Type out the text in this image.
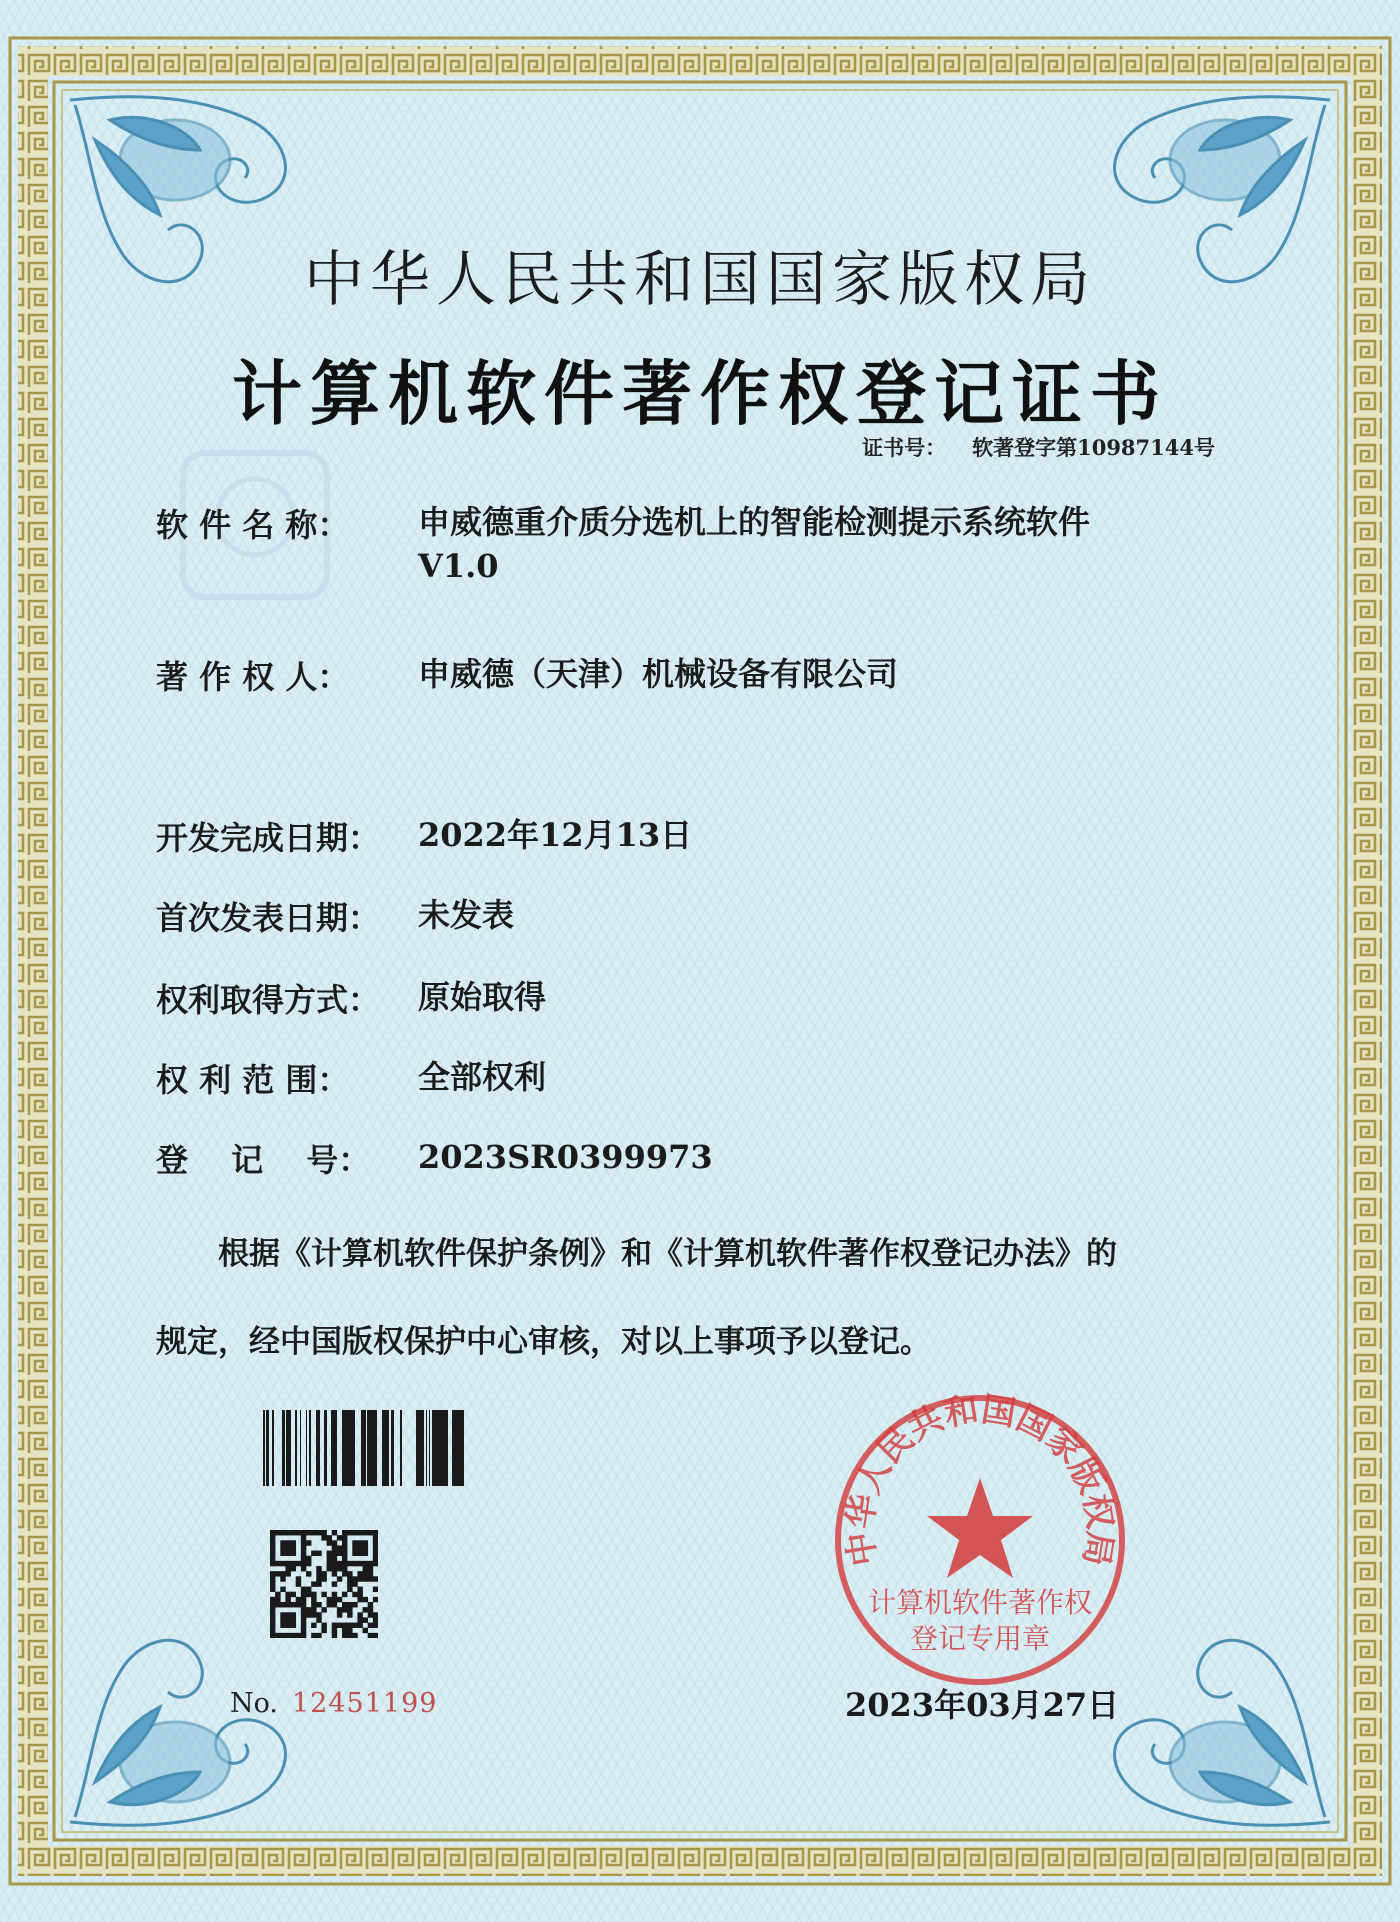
中华人民共和国国家版权局
计算机软件著作权登记证书
证书号： 软著登字第10987144号
软 件 名 称： 申威德重介质分选机上的智能检测提示系统软件
V1.0
著 作 权 人： 申威德（天津）机械设备有限公司
开发完成日期： 2022年12月13日
首次发表日期： 未发表
权利取得方式： 原始取得
权 利 范 围： 全部权利
登　 记　 号： 2023SR0399973
根据《计算机软件保护条例》和《计算机软件著作权登记办法》的
规定，经中国版权保护中心审核，对以上事项予以登记。
中华人民共和国国家版权局
计算机软件著作权
登记专用章
No. 12451199	2023年03月27日
